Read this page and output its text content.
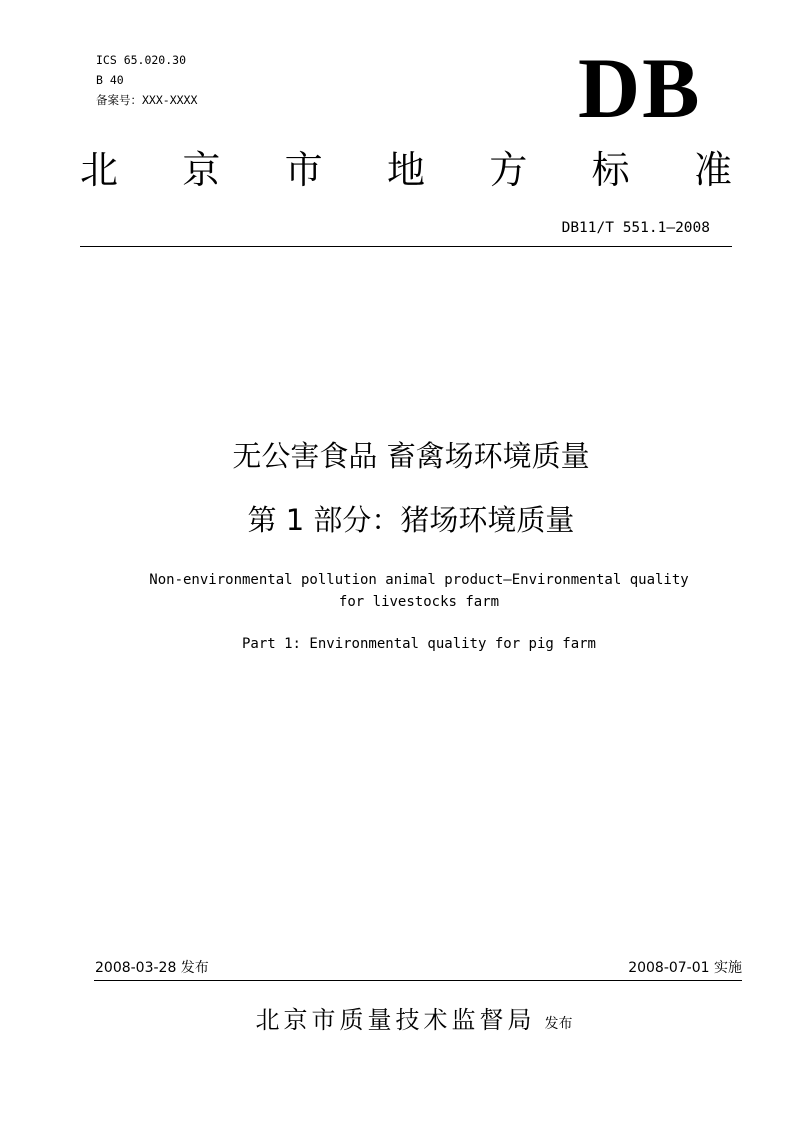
ICS 65.020.30
B 40
备案号：XXX-XXXX	DB
北 京 市 地 方 标 准
DB11/T 551.1—2008
无公害食品 畜禽场环境质量
第 1 部分：猪场环境质量
Non-environmental pollution animal product—Environmental quality
for livestocks farm
Part 1: Environmental quality for pig farm
2008-03-28 发布	2008-07-01 实施
北京市质量技术监督局 发布
